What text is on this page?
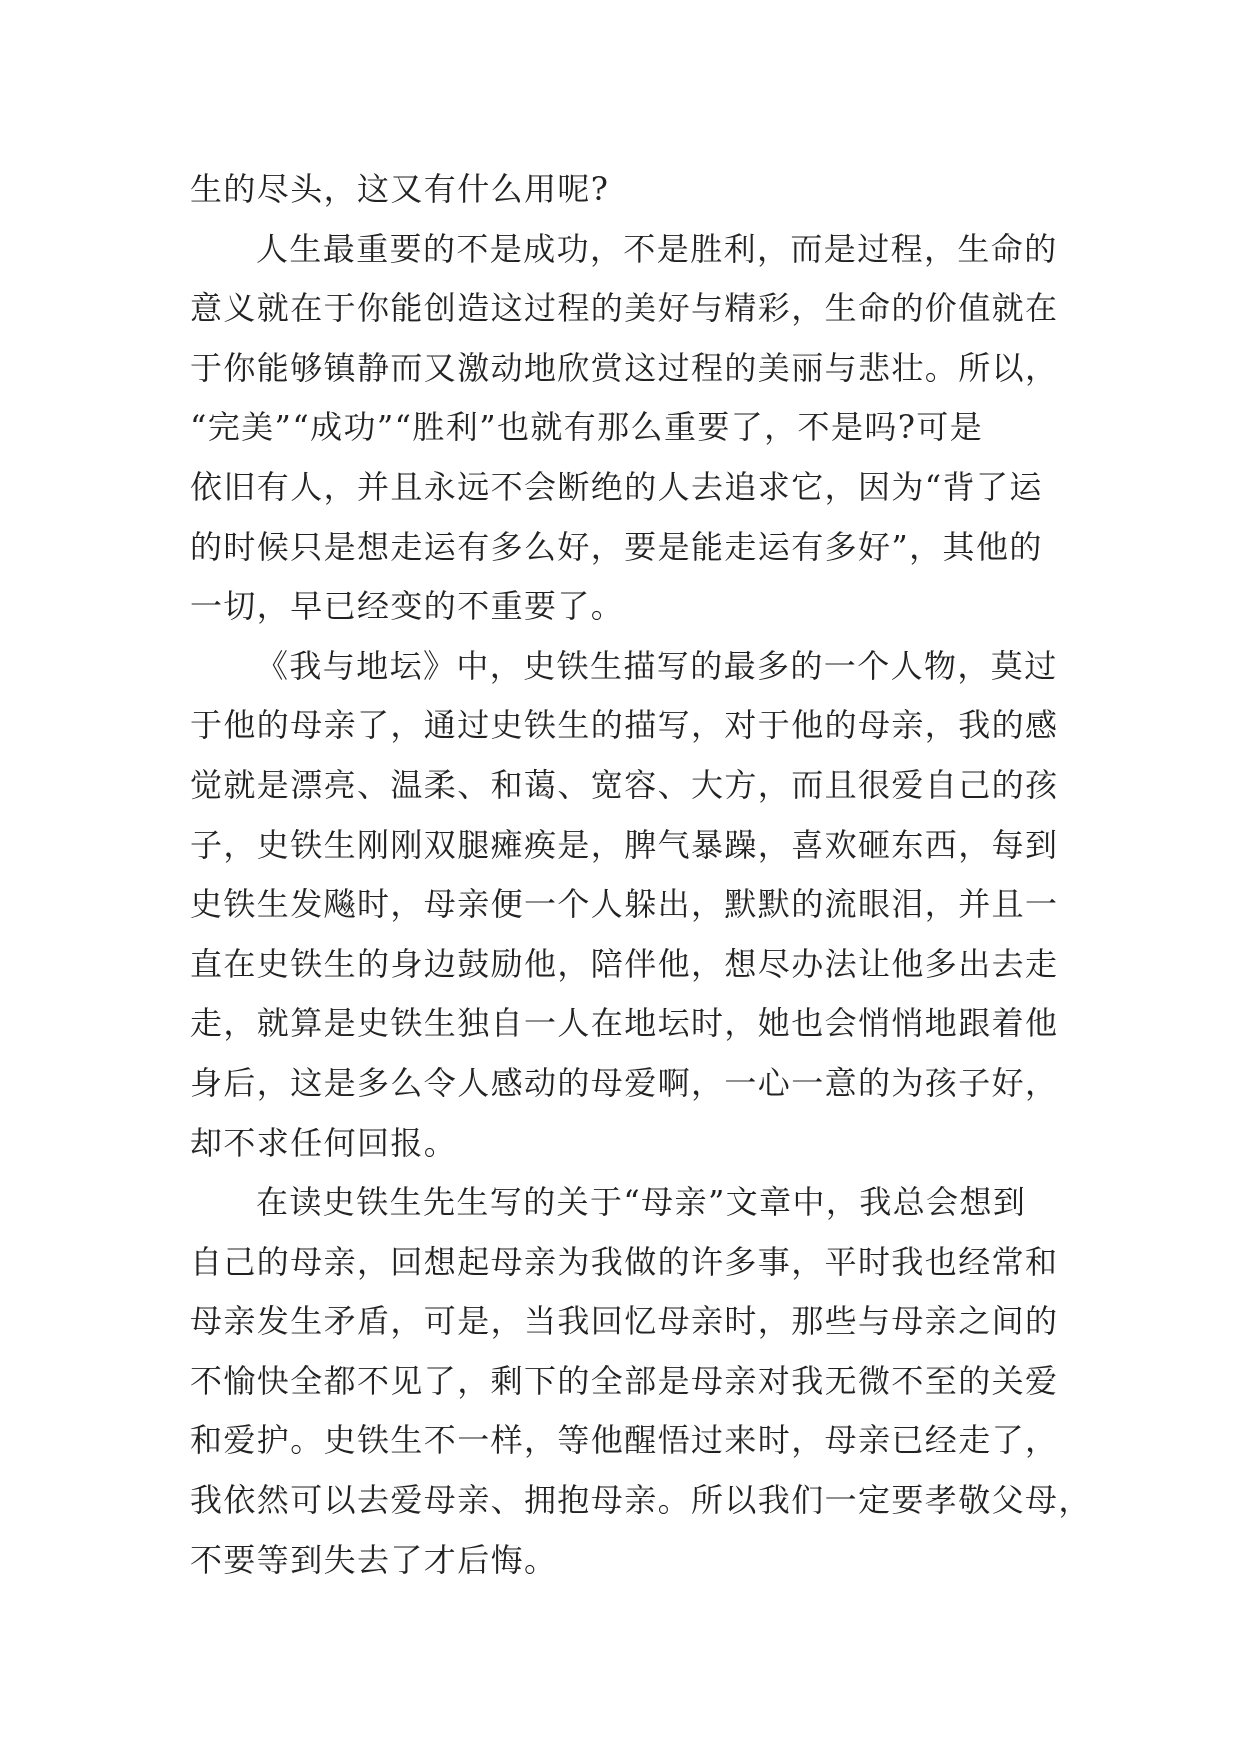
生的尽头，这又有什么用呢?
人生最重要的不是成功，不是胜利，而是过程，生命的
意义就在于你能创造这过程的美好与精彩，生命的价值就在
于你能够镇静而又激动地欣赏这过程的美丽与悲壮。所以，
“完美”“成功”“胜利”也就有那么重要了，不是吗?可是
依旧有人，并且永远不会断绝的人去追求它，因为“背了运
的时候只是想走运有多么好，要是能走运有多好”，其他的
一切，早已经变的不重要了。
《我与地坛》中，史铁生描写的最多的一个人物，莫过
于他的母亲了，通过史铁生的描写，对于他的母亲，我的感
觉就是漂亮、温柔、和蔼、宽容、大方，而且很爱自己的孩
子，史铁生刚刚双腿瘫痪是，脾气暴躁，喜欢砸东西，每到
史铁生发飚时，母亲便一个人躲出，默默的流眼泪，并且一
直在史铁生的身边鼓励他，陪伴他，想尽办法让他多出去走
走，就算是史铁生独自一人在地坛时，她也会悄悄地跟着他
身后，这是多么令人感动的母爱啊，一心一意的为孩子好，
却不求任何回报。
在读史铁生先生写的关于“母亲”文章中，我总会想到
自己的母亲，回想起母亲为我做的许多事，平时我也经常和
母亲发生矛盾，可是，当我回忆母亲时，那些与母亲之间的
不愉快全都不见了，剩下的全部是母亲对我无微不至的关爱
和爱护。史铁生不一样，等他醒悟过来时，母亲已经走了，
我依然可以去爱母亲、拥抱母亲。所以我们一定要孝敬父母，
不要等到失去了才后悔。
